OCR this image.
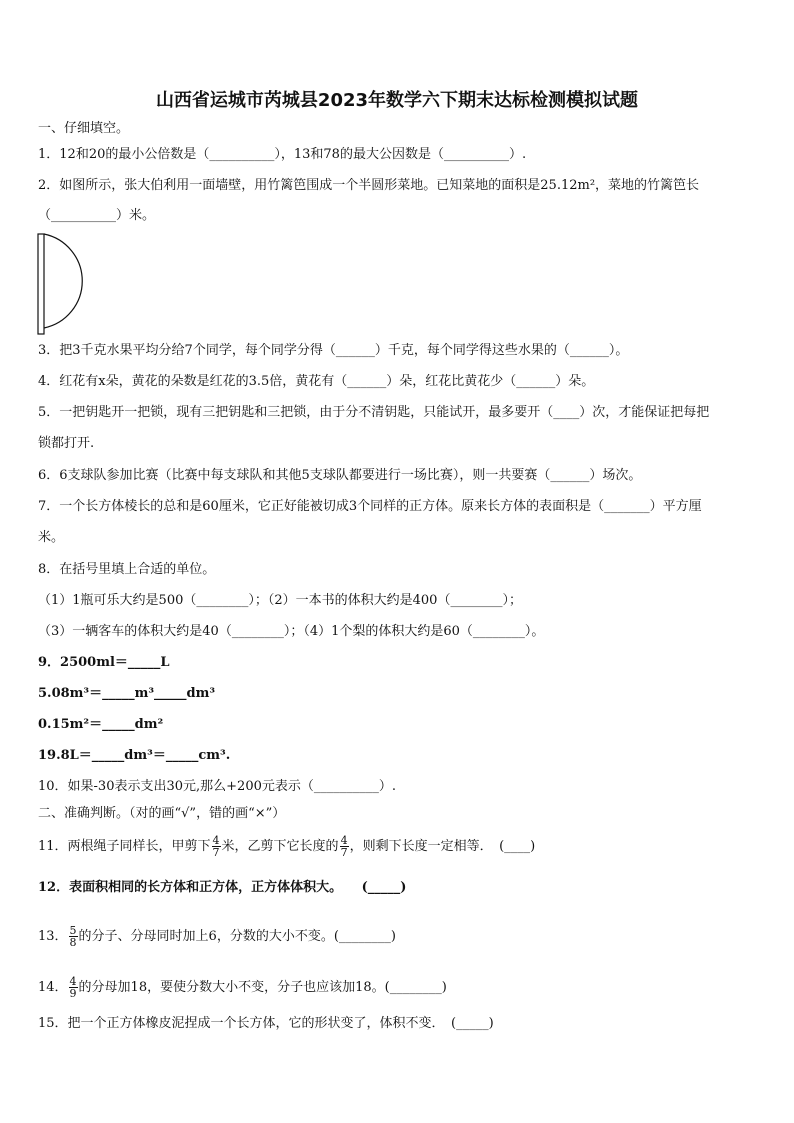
山西省运城市芮城县2023年数学六下期末达标检测模拟试题
一、仔细填空。
1．12和20的最小公倍数是（__________），13和78的最大公因数是（__________）.
2．如图所示，张大伯利用一面墙壁，用竹篱笆围成一个半圆形菜地。已知菜地的面积是25.12m²，菜地的竹篱笆长
（__________）米。
3．把3千克水果平均分给7个同学，每个同学分得（______）千克，每个同学得这些水果的（______）。
4．红花有x朵，黄花的朵数是红花的3.5倍，黄花有（______）朵，红花比黄花少（______）朵。
5．一把钥匙开一把锁，现有三把钥匙和三把锁，由于分不清钥匙，只能试开，最多要开（____）次，才能保证把每把
锁都打开.
6．6支球队参加比赛（比赛中每支球队和其他5支球队都要进行一场比赛），则一共要赛（______）场次。
7．一个长方体棱长的总和是60厘米，它正好能被切成3个同样的正方体。原来长方体的表面积是（_______）平方厘
米。
8．在括号里填上合适的单位。
（1）1瓶可乐大约是500（________）；（2）一本书的体积大约是400（________）；
（3）一辆客车的体积大约是40（________）；（4）1个梨的体积大约是60（________）。
9．2500ml＝_____L
5.08m³＝_____m³_____dm³
0.15m²＝_____dm²
19.8L＝_____dm³＝_____cm³.
10．如果-30表示支出30元,那么+200元表示（__________）.
二、准确判断。（对的画“√”，错的画“×”）
11．两根绳子同样长，甲剪下 $\frac{4}{7}$ 米，乙剪下它长度的 $\frac{4}{7}$ ，则剩下长度一定相等．　(____)
12．表面积相同的长方体和正方体，正方体体积大。　　(_____)
13． $\frac{5}{8}$ 的分子、分母同时加上6，分数的大小不变。(________)
14． $\frac{4}{9}$ 的分母加18，要使分数大小不变，分子也应该加18。(________)
15．把一个正方体橡皮泥捏成一个长方体，它的形状变了，体积不变．　(_____)
